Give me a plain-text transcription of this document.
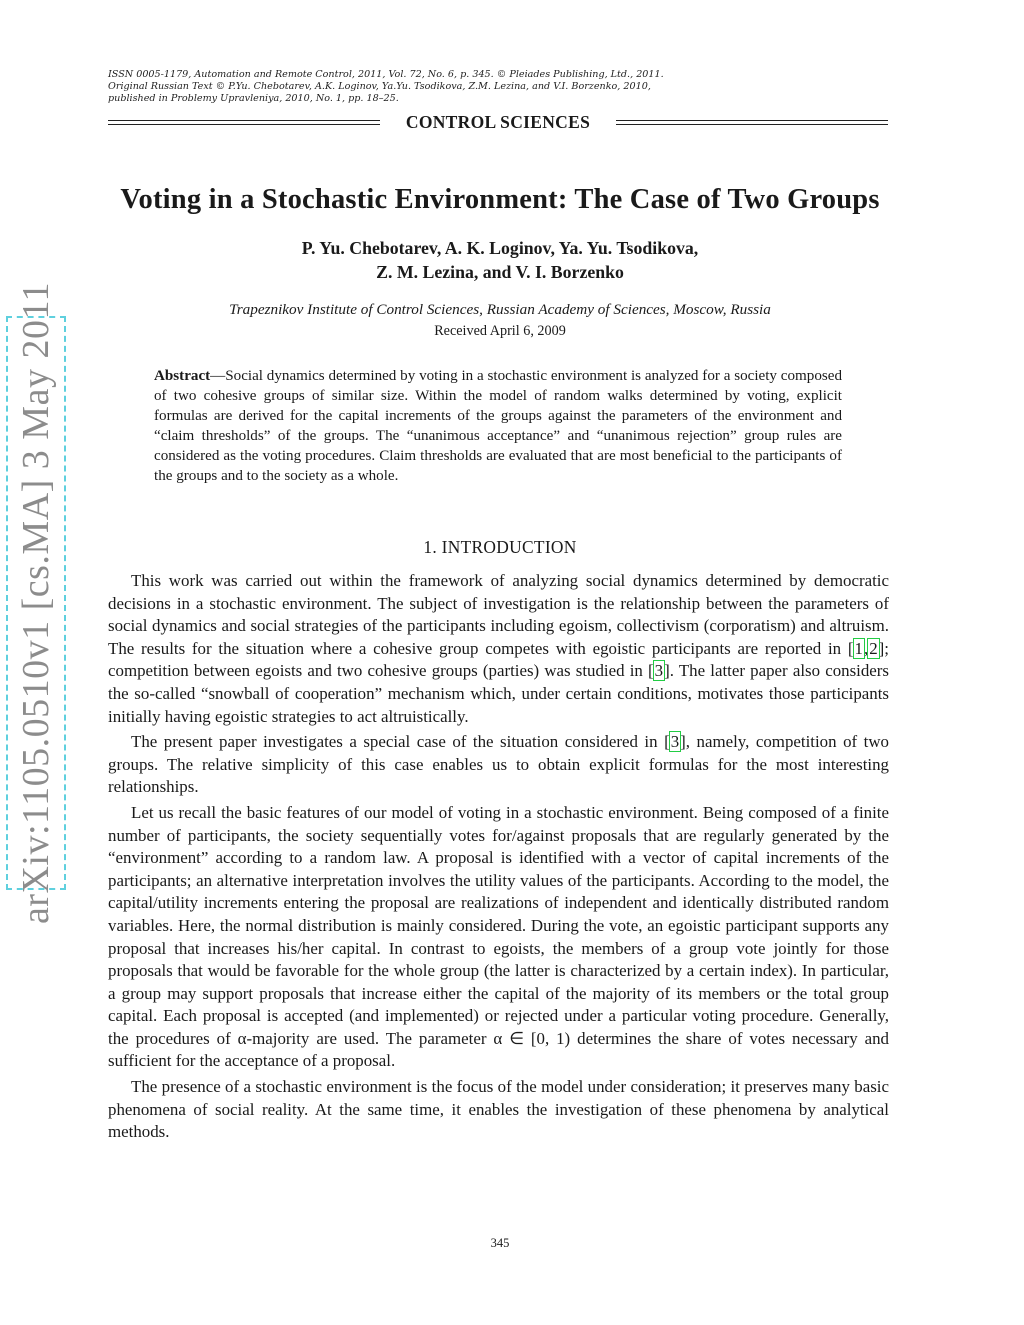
arXiv:1105.0510v1 [cs.MA] 3 May 2011
ISSN 0005-1179, Automation and Remote Control, 2011, Vol. 72, No. 6, p. 345. © Pleiades Publishing, Ltd., 2011.
Original Russian Text © P.Yu. Chebotarev, A.K. Loginov, Ya.Yu. Tsodikova, Z.M. Lezina, and V.I. Borzenko, 2010,
published in Problemy Upravleniya, 2010, No. 1, pp. 18–25.
CONTROL SCIENCES
Voting in a Stochastic Environment: The Case of Two Groups
P. Yu. Chebotarev, A. K. Loginov, Ya. Yu. Tsodikova,
Z. M. Lezina, and V. I. Borzenko
Trapeznikov Institute of Control Sciences, Russian Academy of Sciences, Moscow, Russia
Received April 6, 2009
Abstract—Social dynamics determined by voting in a stochastic environment is analyzed for a society composed of two cohesive groups of similar size. Within the model of random walks determined by voting, explicit formulas are derived for the capital increments of the groups against the parameters of the environment and “claim thresholds” of the groups. The “unanimous acceptance” and “unanimous rejection” group rules are considered as the voting procedures. Claim thresholds are evaluated that are most beneficial to the participants of the groups and to the society as a whole.
1. INTRODUCTION

This work was carried out within the framework of analyzing social dynamics determined by democratic decisions in a stochastic environment. The subject of investigation is the relationship between the parameters of social dynamics and social strategies of the participants including egoism, collectivism (corporatism) and altruism. The results for the situation where a cohesive group competes with egoistic participants are reported in [1,2]; competition between egoists and two cohesive groups (parties) was studied in [3]. The latter paper also considers the so-called “snowball of cooperation” mechanism which, under certain conditions, motivates those participants initially having egoistic strategies to act altruistically.

The present paper investigates a special case of the situation considered in [3], namely, competition of two groups. The relative simplicity of this case enables us to obtain explicit formulas for the most interesting relationships.

Let us recall the basic features of our model of voting in a stochastic environment. Being composed of a finite number of participants, the society sequentially votes for/against proposals that are regularly generated by the “environment” according to a random law. A proposal is identified with a vector of capital increments of the participants; an alternative interpretation involves the utility values of the participants. According to the model, the capital/utility increments entering the proposal are realizations of independent and identically distributed random variables. Here, the normal distribution is mainly considered. During the vote, an egoistic participant supports any proposal that increases his/her capital. In contrast to egoists, the members of a group vote jointly for those proposals that would be favorable for the whole group (the latter is characterized by a certain index). In particular, a group may support proposals that increase either the capital of the majority of its members or the total group capital. Each proposal is accepted (and implemented) or rejected under a particular voting procedure. Generally, the procedures of α-majority are used. The parameter α ∈ [0, 1) determines the share of votes necessary and sufficient for the acceptance of a proposal.

The presence of a stochastic environment is the focus of the model under consideration; it preserves many basic phenomena of social reality. At the same time, it enables the investigation of these phenomena by analytical methods.

345
